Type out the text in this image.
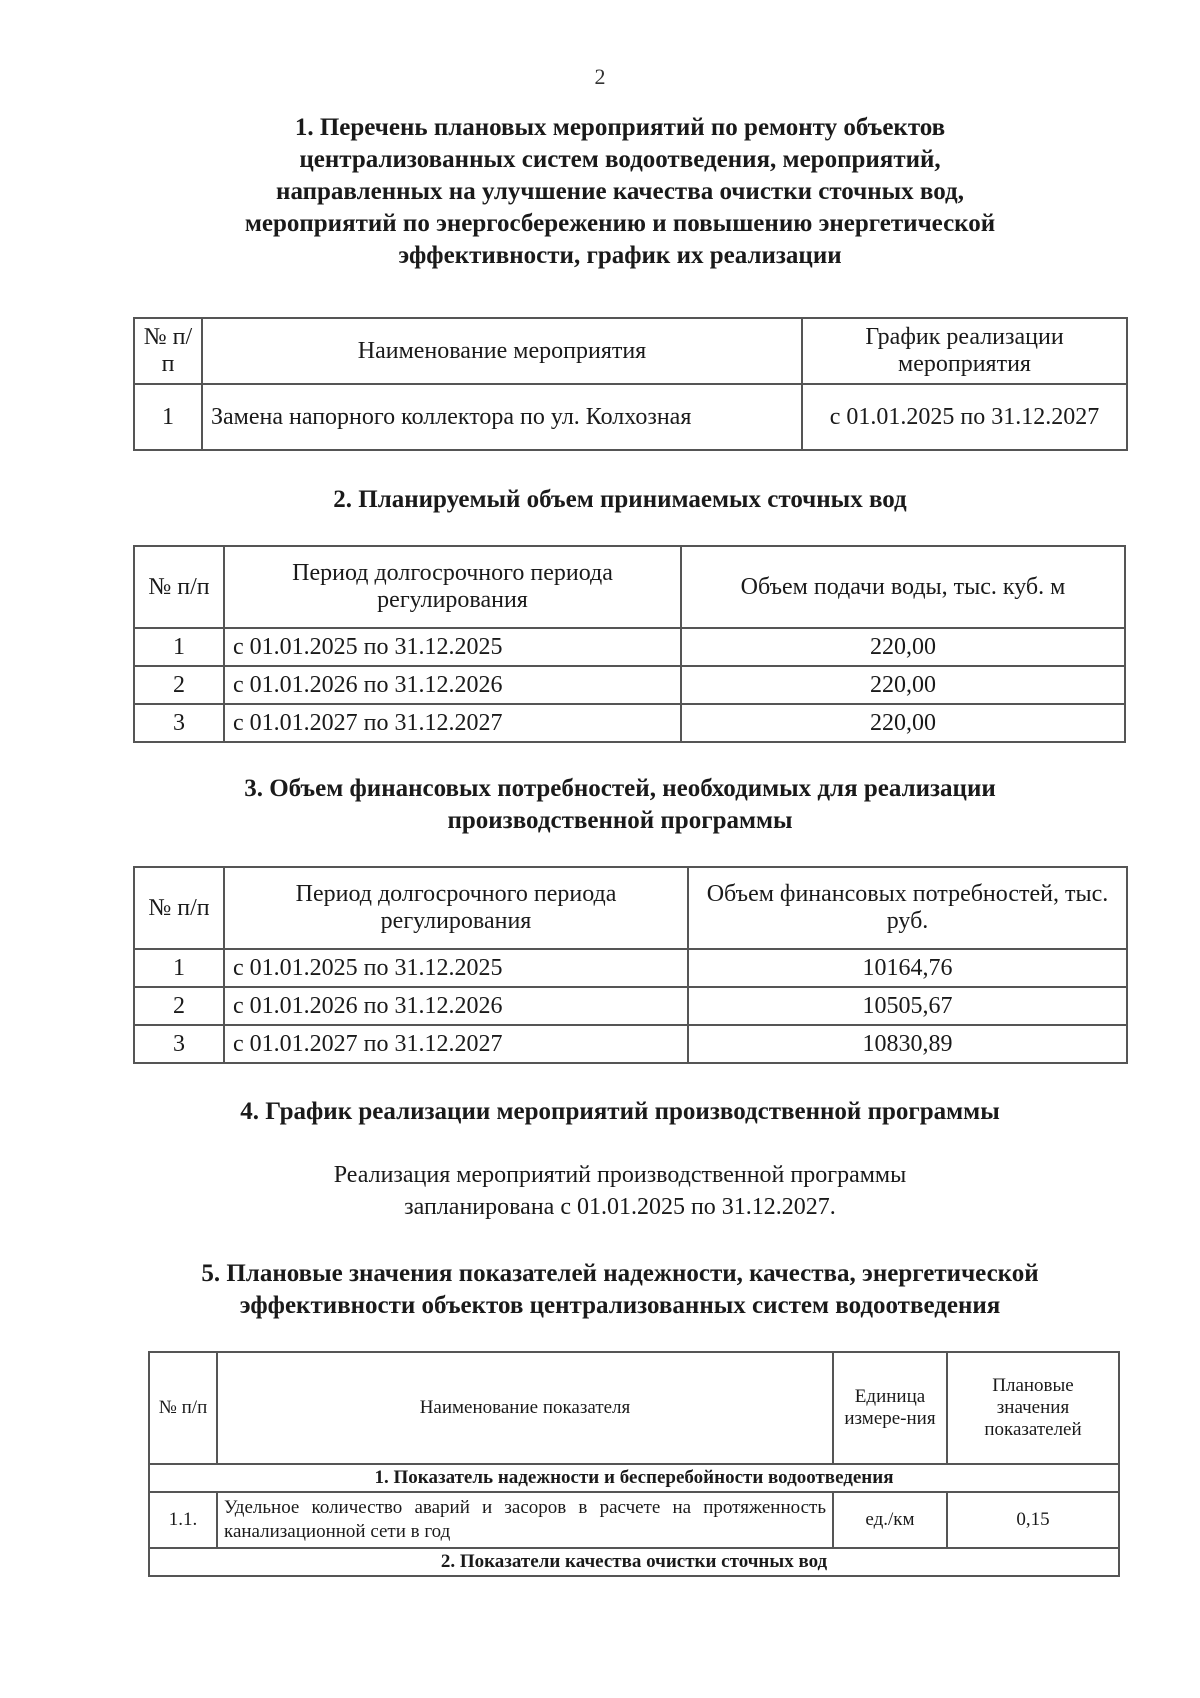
2
1. Перечень плановых мероприятий по ремонту объектов
централизованных систем водоотведения, мероприятий,
направленных на улучшение качества очистки сточных вод,
мероприятий по энергосбережению и повышению энергетической
эффективности, график их реализации
№ п/п	Наименование мероприятия	График реализации мероприятия
1	Замена напорного коллектора по ул. Колхозная	с 01.01.2025 по 31.12.2027
2. Планируемый объем принимаемых сточных вод
№ п/п	Период долгосрочного периода регулирования	Объем подачи воды, тыс. куб. м
1	с 01.01.2025 по 31.12.2025	220,00
2	с 01.01.2026 по 31.12.2026	220,00
3	с 01.01.2027 по 31.12.2027	220,00
3. Объем финансовых потребностей, необходимых для реализации
производственной программы
№ п/п	Период долгосрочного периода регулирования	Объем финансовых потребностей, тыс. руб.
1	с 01.01.2025 по 31.12.2025	10164,76
2	с 01.01.2026 по 31.12.2026	10505,67
3	с 01.01.2027 по 31.12.2027	10830,89
4. График реализации мероприятий производственной программы

Реализация мероприятий производственной программы
запланирована с 01.01.2025 по 31.12.2027.

5. Плановые значения показателей надежности, качества, энергетической
эффективности объектов централизованных систем водоотведения
№ п/п	Наименование показателя	Единица измере-ния	Плановые значения показателей
1. Показатель надежности и бесперебойности водоотведения			
1.1.	Удельное количество аварий и засоров в расчете на протяженность канализационной сети в год	ед./км	0,15
2. Показатели качества очистки сточных вод			
